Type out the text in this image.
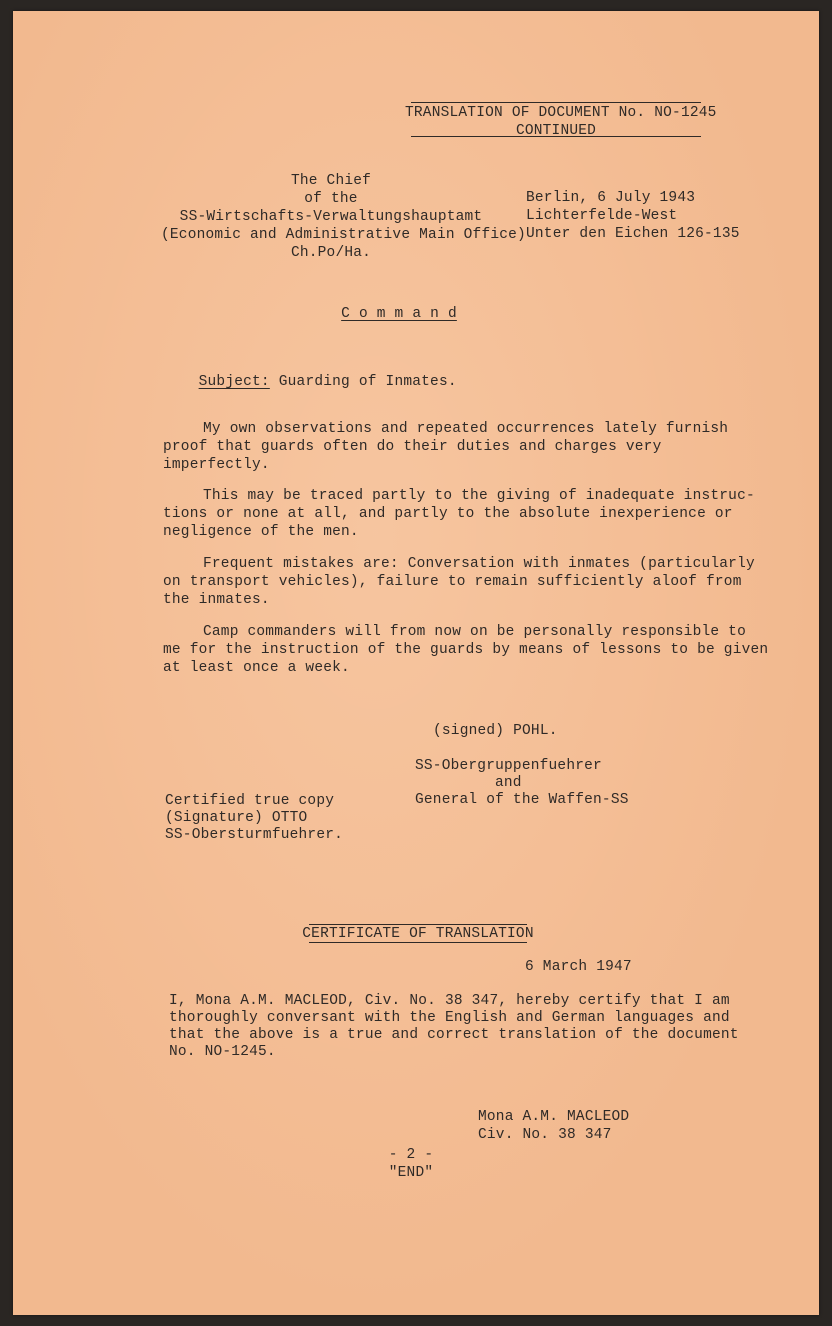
TRANSLATION OF DOCUMENT No. NO-1245
CONTINUED
The Chief
of the
SS-Wirtschafts-Verwaltungshauptamt
(Economic and Administrative Main Office)
Ch.Po/Ha.
Berlin, 6 July 1943
Lichterfelde-West
Unter den Eichen 126-135
C o m m a n d

Subject: Guarding of Inmates.

My own observations and repeated occurrences lately furnish
proof that guards often do their duties and charges very
imperfectly.
This may be traced partly to the giving of inadequate instruc-
tions or none at all, and partly to the absolute inexperience or
negligence of the men.
Frequent mistakes are: Conversation with inmates (particularly
on transport vehicles), failure to remain sufficiently aloof from
the inmates.
Camp commanders will from now on be personally responsible to
me for the instruction of the guards by means of lessons to be given
at least once a week.
(signed) POHL.
SS-Obergruppenfuehrer
and
General of the Waffen-SS
Certified true copy
(Signature) OTTO
SS-Obersturmfuehrer.
CERTIFICATE OF TRANSLATION
6 March 1947
I, Mona A.M. MACLEOD, Civ. No. 38 347, hereby certify that I am
thoroughly conversant with the English and German languages and
that the above is a true and correct translation of the document
No. NO-1245.
Mona A.M. MACLEOD
Civ. No. 38 347
- 2 -
"END"
